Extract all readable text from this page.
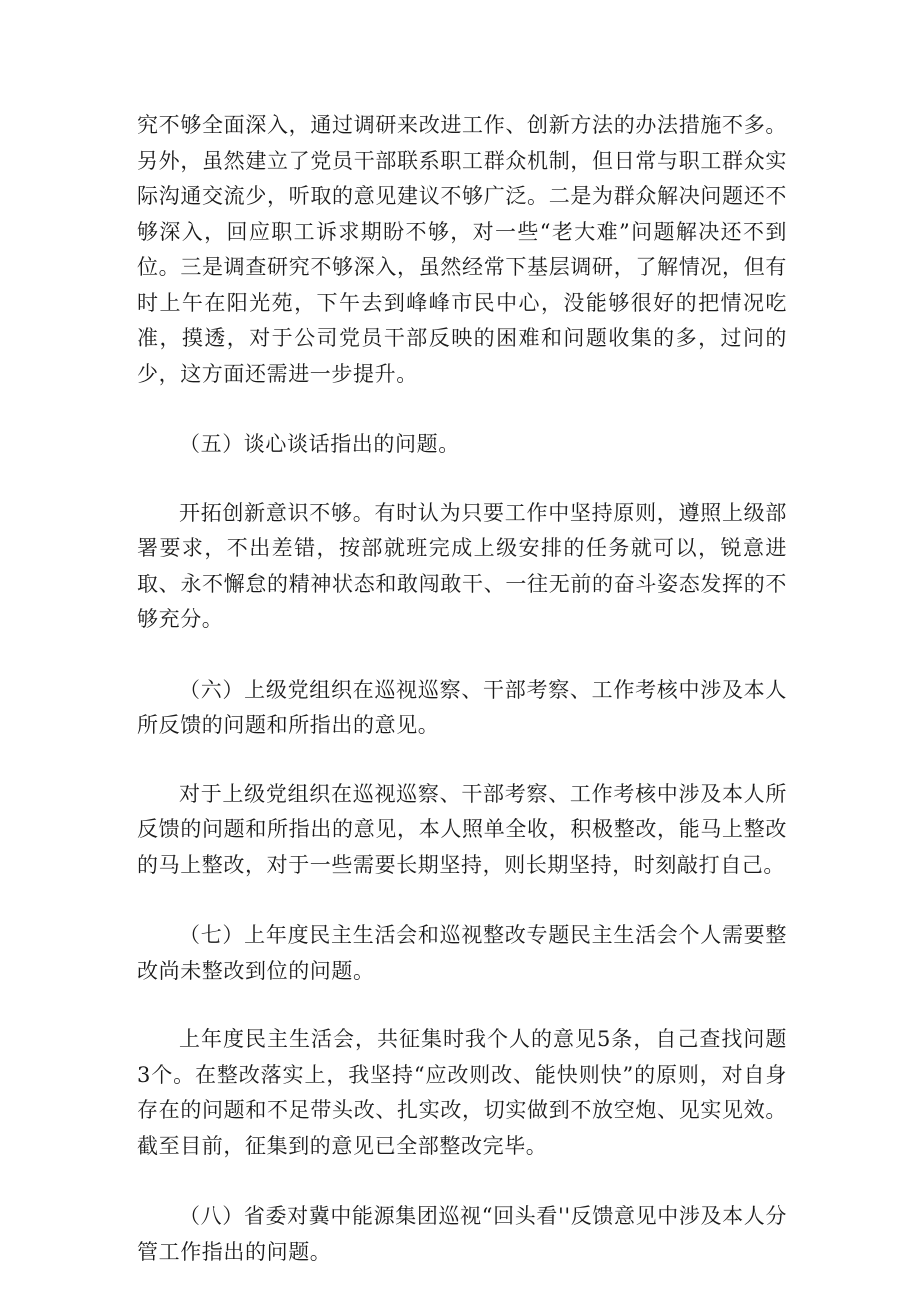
究不够全面深入，通过调研来改进工作、创新方法的办法措施不多。另外，虽然建立了党员干部联系职工群众机制，但日常与职工群众实际沟通交流少，听取的意见建议不够广泛。二是为群众解决问题还不够深入，回应职工诉求期盼不够，对一些“老大难”问题解决还不到位。三是调查研究不够深入，虽然经常下基层调研，了解情况，但有时上午在阳光苑，下午去到峰峰市民中心，没能够很好的把情况吃准，摸透，对于公司党员干部反映的困难和问题收集的多，过问的少，这方面还需进一步提升。

（五）谈心谈话指出的问题。

开拓创新意识不够。有时认为只要工作中坚持原则，遵照上级部署要求，不出差错，按部就班完成上级安排的任务就可以，锐意进取、永不懈怠的精神状态和敢闯敢干、一往无前的奋斗姿态发挥的不够充分。

（六）上级党组织在巡视巡察、干部考察、工作考核中涉及本人所反馈的问题和所指出的意见。

对于上级党组织在巡视巡察、干部考察、工作考核中涉及本人所反馈的问题和所指出的意见，本人照单全收，积极整改，能马上整改的马上整改，对于一些需要长期坚持，则长期坚持，时刻敲打自己。

（七）上年度民主生活会和巡视整改专题民主生活会个人需要整改尚未整改到位的问题。

上年度民主生活会，共征集时我个人的意见5条，自己查找问题3个。在整改落实上，我坚持“应改则改、能快则快”的原则，对自身存在的问题和不足带头改、扎实改，切实做到不放空炮、见实见效。截至目前，征集到的意见已全部整改完毕。

（八）省委对冀中能源集团巡视“回头看''反馈意见中涉及本人分管工作指出的问题。
